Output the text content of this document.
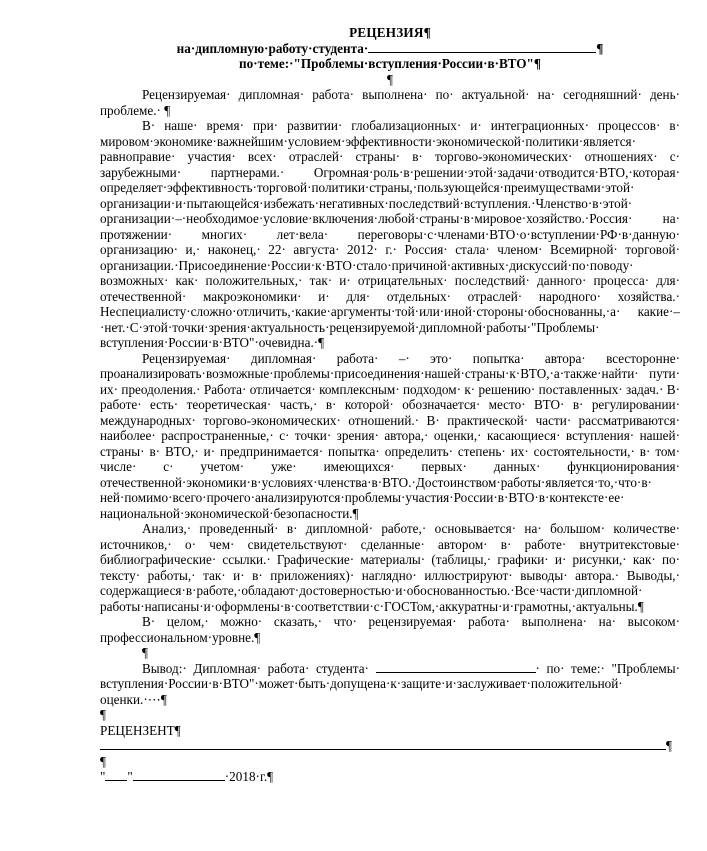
РЕЦЕНЗИЯ¶
на·дипломную·работу·студента·	¶
по·теме:·"Проблемы·вступления·России·в·ВТО"¶
¶

Рецензируемая· дипломная· работа· выполнена· по· актуальной· на· сегодняшний· день· проблеме.· ¶

В· наше· время· при· развитии· глобализационных· и· интеграционных· процессов· в· мировом·экономике·важнейшим·условием·эффективности·экономической·политики·является· равноправие· участия· всех· отраслей· страны· в· торгово-экономических· отношениях· с· зарубежными· партнерами.· Огромная·роль·в·решении·этой·задачи·отводится·ВТО,·которая· определяет·эффективность·торговой·политики·страны,·пользующейся·преимуществами·этой· организации·и·пытающейся·избежать·негативных·последствий·вступления.·Членство·в·этой· организации·–·необходимое·условие·включения·любой·страны·в·мировое·хозяйство.·Россия· на· протяжении· многих· лет·вела· переговоры·с·членами·ВТО·о·вступлении·РФ·в·данную· организацию· и,· наконец,· 22· августа· 2012· г.· Россия· стала· членом· Всемирной· торговой· организации.·Присоединение·России·к·ВТО·стало·причиной·активных·дискуссий·по·поводу· возможных· как· положительных,· так· и· отрицательных· последствий· данного· процесса· для· отечественной· макроэкономики· и· для· отдельных· отраслей· народного· хозяйства.· Неспециалисту·сложно·отличить,·какие·аргументы·той·или·иной·стороны·обоснованны,·а· какие·–·нет.·С·этой·точки·зрения·актуальность·рецензируемой·дипломной·работы·"Проблемы· вступления·России·в·ВТО"·очевидна.·¶

Рецензируемая· дипломная· работа· –· это· попытка· автора· всесторонне· проанализировать·возможные·проблемы·присоединения·нашей·страны·к·ВТО,·а·также·найти· пути· их· преодоления.· Работа· отличается· комплексным· подходом· к· решению· поставленных· задач.· В· работе· есть· теоретическая· часть,· в· которой· обозначается· место· ВТО· в· регулировании· международных· торгово-экономических· отношений.· В· практической· части· рассматриваются· наиболее· распространенные,· с· точки· зрения· автора,· оценки,· касающиеся· вступления· нашей· страны· в· ВТО,· и· предпринимается· попытка· определить· степень· их· состоятельности,· в· том· числе· с· учетом· уже· имеющихся· первых· данных· функционирования· отечественной·экономики·в·условиях·членства·в·ВТО.·Достоинством·работы·является·то,·что·в· ней·помимо·всего·прочего·анализируются·проблемы·участия·России·в·ВТО·в·контексте·ее· национальной·экономической·безопасности.¶

Анализ,· проведенный· в· дипломной· работе,· основывается· на· большом· количестве· источников,· о· чем· свидетельствуют· сделанные· автором· в· работе· внутритекстовые· библиографические· ссылки.· Графические· материалы· (таблицы,· графики· и· рисунки,· как· по· тексту· работы,· так· и· в· приложениях)· наглядно· иллюстрируют· выводы· автора.· Выводы,· содержащиеся·в·работе,·обладают·достоверностью·и·обоснованностью.·Все·части·дипломной· работы·написаны·и·оформлены·в·соответствии·с·ГОСТом,·аккуратны·и·грамотны,·актуальны.¶

В· целом,· можно· сказать,· что· рецензируемая· работа· выполнена· на· высоком· профессиональном·уровне.¶

¶

Вывод:· Дипломная· работа· студента·	· по· теме:· "Проблемы· вступления·России·в·ВТО"·может·быть·допущена·к·защите·и·заслуживает·положительной· оценки.·⋯¶

¶

РЕЦЕНЗЕНТ¶

¶

¶

" "	·2018·г.¶
